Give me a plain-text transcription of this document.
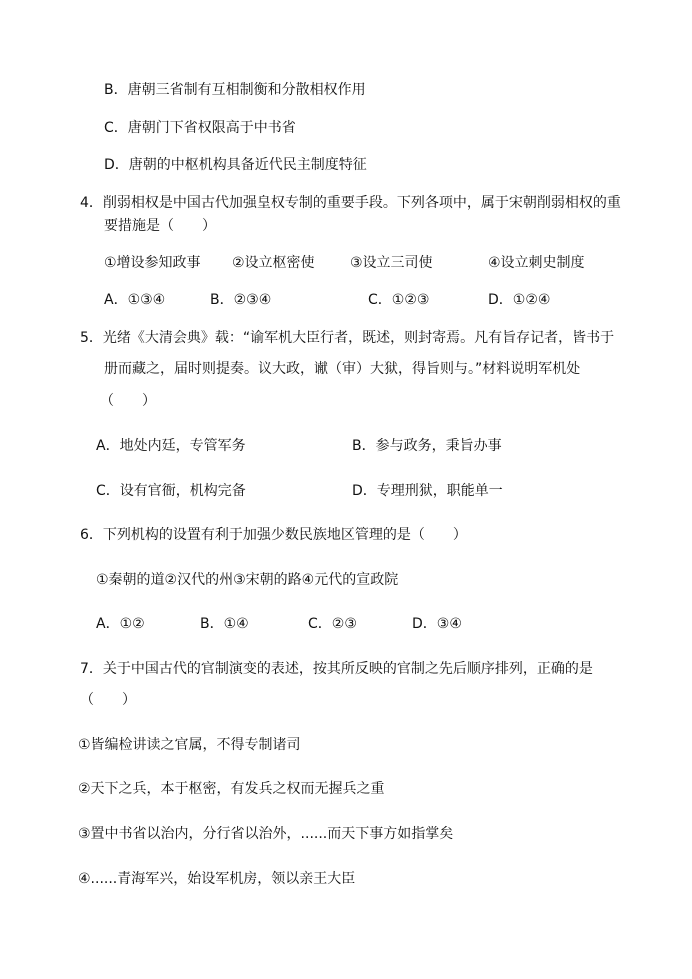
B．唐朝三省制有互相制衡和分散相权作用
C．唐朝门下省权限高于中书省
D．唐朝的中枢机构具备近代民主制度特征
4．削弱相权是中国古代加强皇权专制的重要手段。下列各项中，属于宋朝削弱相权的重
要措施是（　　）
①增设参知政事 ②设立枢密使	③设立三司使	④设立刺史制度
A．①③④	B．②③④	C．①②③	D．①②④
5．光绪《大清会典》载：“谕军机大臣行者，既述，则封寄焉。凡有旨存记者，皆书于
册而藏之，届时则提奏。议大政，谳（审）大狱，得旨则与。”材料说明军机处
（　　）
A．地处内廷，专管军务	B．参与政务，秉旨办事
C．设有官衙，机构完备	D．专理刑狱，职能单一
6．下列机构的设置有利于加强少数民族地区管理的是（　　）
①秦朝的道②汉代的州③宋朝的路④元代的宣政院
A．①②	B．①④	C．②③	D．③④
7．关于中国古代的官制演变的表述，按其所反映的官制之先后顺序排列，正确的是
（　　）
①皆编检讲读之官属，不得专制诸司
②天下之兵，本于枢密，有发兵之权而无握兵之重
③置中书省以治内，分行省以治外，......而天下事方如指掌矣
④......青海军兴，始设军机房，领以亲王大臣
